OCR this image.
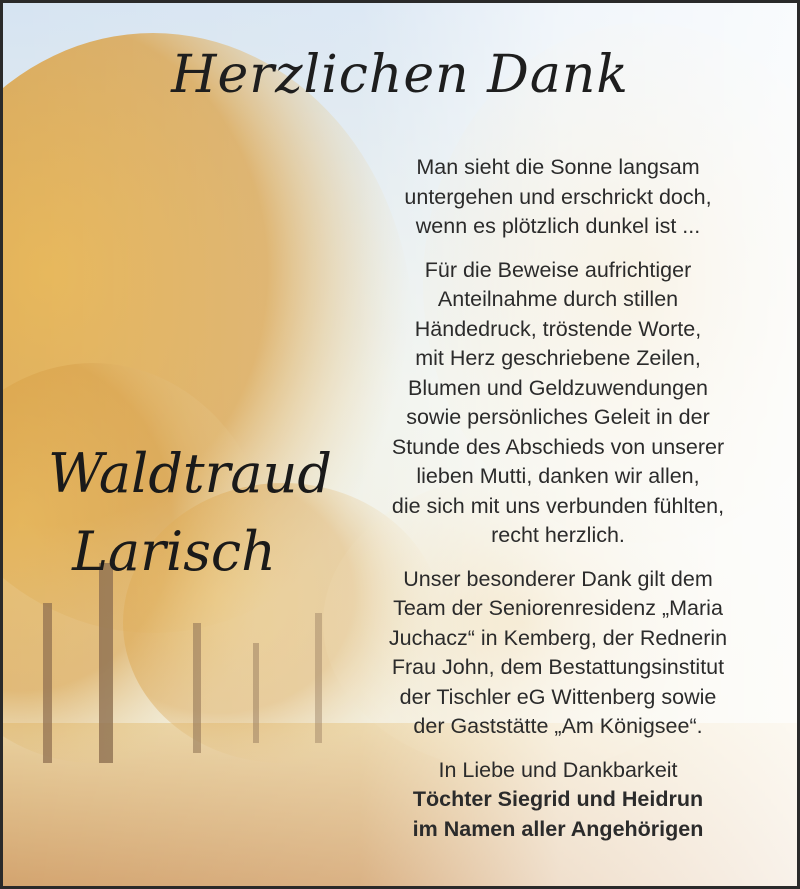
Herzlichen Dank
Waldtraud
Larisch
Man sieht die Sonne langsam
untergehen und erschrickt doch,
wenn es plötzlich dunkel ist ...
Für die Beweise aufrichtiger
Anteilnahme durch stillen
Händedruck, tröstende Worte,
mit Herz geschriebene Zeilen,
Blumen und Geldzuwendungen
sowie persönliches Geleit in der
Stunde des Abschieds von unserer
lieben Mutti, danken wir allen,
die sich mit uns verbunden fühlten,
recht herzlich.
Unser besonderer Dank gilt dem
Team der Seniorenresidenz „Maria
Juchacz“ in Kemberg, der Rednerin
Frau John, dem Bestattungsinstitut
der Tischler eG Wittenberg sowie
der Gaststätte „Am Königsee“.
In Liebe und Dankbarkeit
Töchter Siegrid und Heidrun
im Namen aller Angehörigen
